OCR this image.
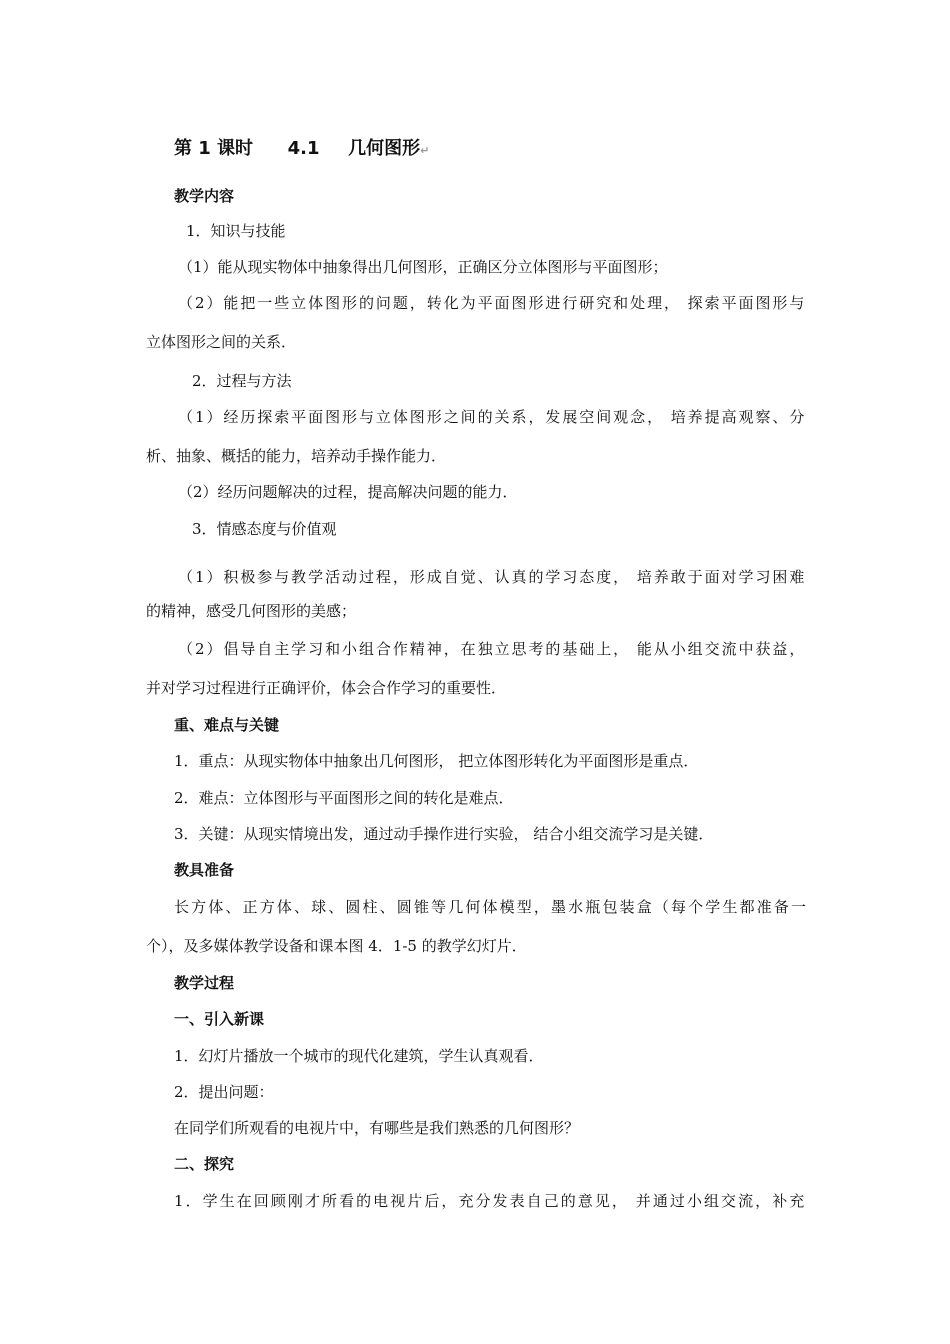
第 1 课时 4.1 几何图形↵
教学内容
1．知识与技能
（1）能从现实物体中抽象得出几何图形，正确区分立体图形与平面图形；
（2）能把一些立体图形的问题，转化为平面图形进行研究和处理， 探索平面图形与
立体图形之间的关系．
2．过程与方法
（1）经历探索平面图形与立体图形之间的关系，发展空间观念， 培养提高观察、分
析、抽象、概括的能力，培养动手操作能力．
（2）经历问题解决的过程，提高解决问题的能力．
3．情感态度与价值观
（1）积极参与教学活动过程，形成自觉、认真的学习态度， 培养敢于面对学习困难
的精神，感受几何图形的美感；
（2）倡导自主学习和小组合作精神，在独立思考的基础上， 能从小组交流中获益，
并对学习过程进行正确评价，体会合作学习的重要性．
重、难点与关键
1．重点：从现实物体中抽象出几何图形， 把立体图形转化为平面图形是重点．
2．难点：立体图形与平面图形之间的转化是难点．
3．关键：从现实情境出发，通过动手操作进行实验， 结合小组交流学习是关键．
教具准备
长方体、正方体、球、圆柱、圆锥等几何体模型，墨水瓶包装盒（每个学生都准备一
个），及多媒体教学设备和课本图 4．1-5 的教学幻灯片．
教学过程
一、引入新课
1．幻灯片播放一个城市的现代化建筑，学生认真观看．
2．提出问题：
在同学们所观看的电视片中，有哪些是我们熟悉的几何图形？
二、探究
1．学生在回顾刚才所看的电视片后，充分发表自己的意见， 并通过小组交流，补充
